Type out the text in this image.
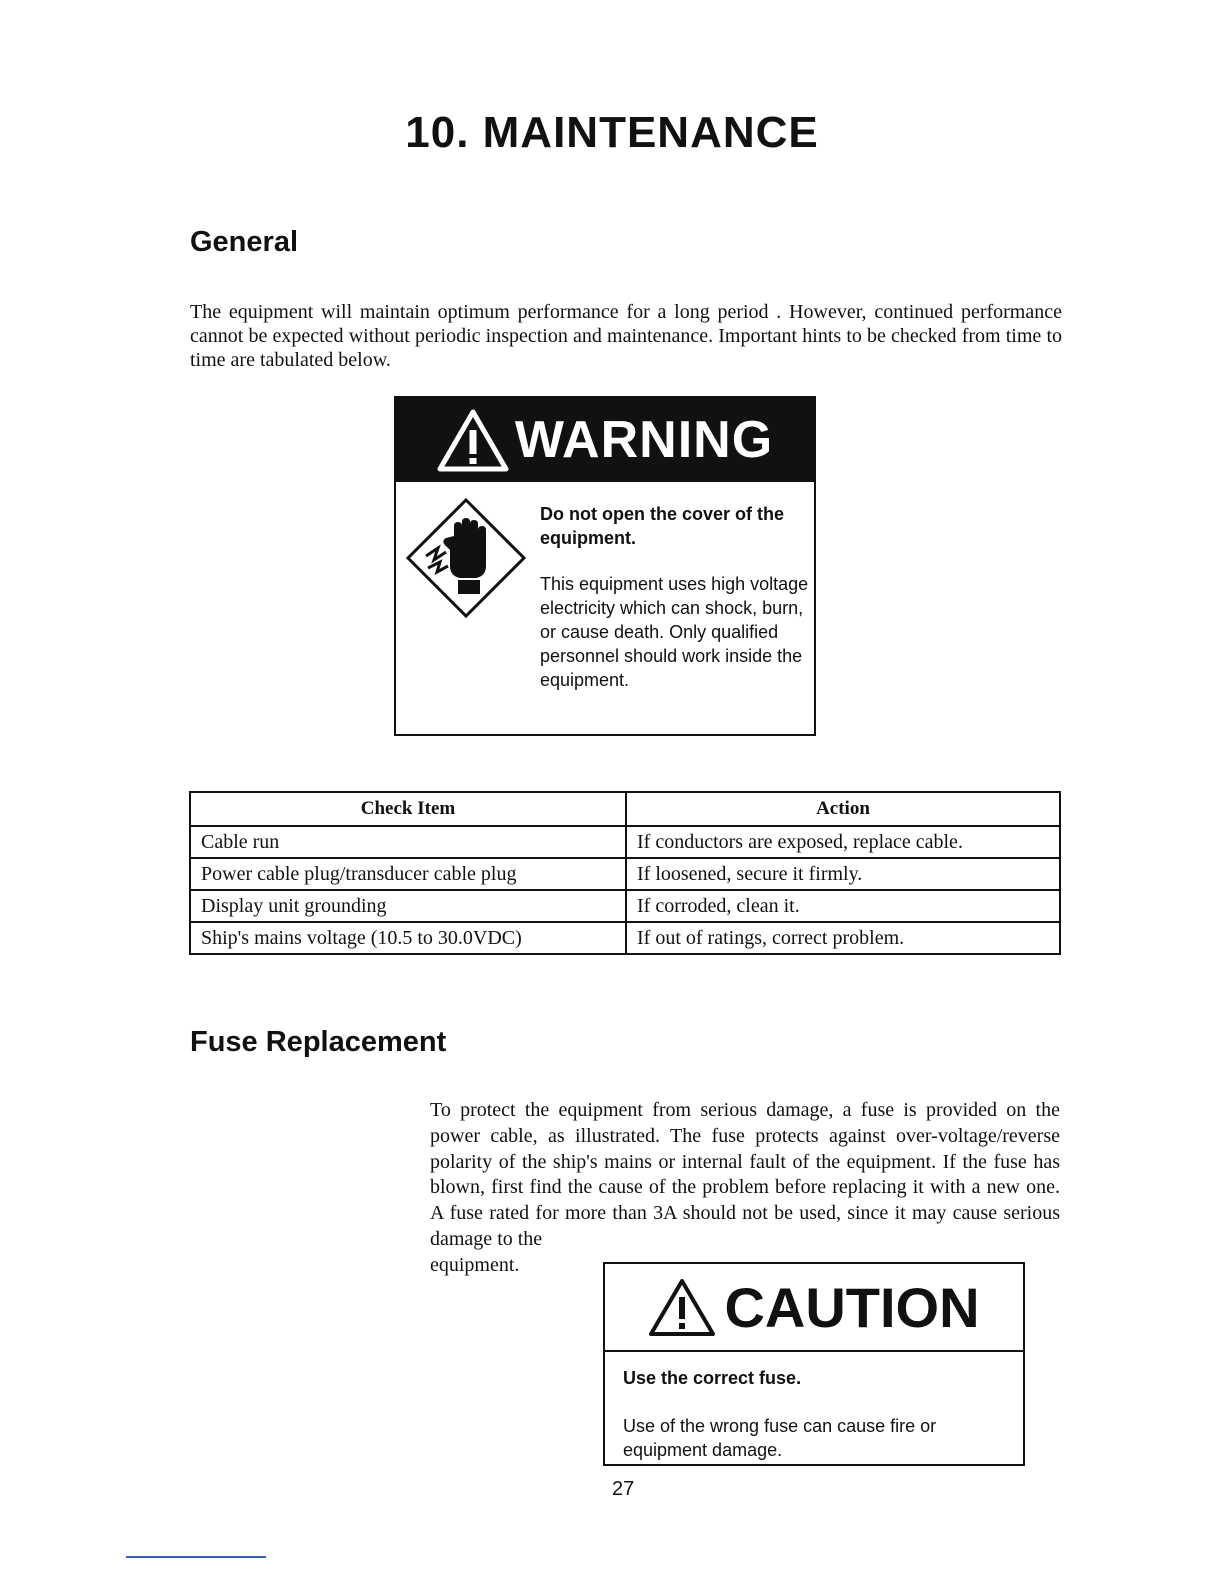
10. MAINTENANCE
General

The equipment will maintain optimum performance for a long period . However, continued performance cannot be expected without periodic inspection and maintenance. Important hints to be checked from time to time are tabulated below.

WARNING

Do not open the cover of the equipment.

This equipment uses high voltage electricity which can shock, burn, or cause death. Only qualified personnel should work inside the equipment.

Check Item	Action
Cable run	If conductors are exposed, replace cable.
Power cable plug/transducer cable plug	If loosened, secure it firmly.
Display unit grounding	If corroded, clean it.
Ship's mains voltage (10.5 to 30.0VDC)	If out of ratings, correct problem.
Fuse Replacement

To protect the equipment from serious damage, a fuse is provided on the power cable, as illustrated. The fuse protects against over-voltage/reverse polarity of the ship's mains or internal fault of the equipment. If the fuse has blown, first find the cause of the problem before replacing it with a new one. A fuse rated for more than 3A should not be used, since it may cause serious damage to the

equipment.

CAUTION

Use the correct fuse.

Use of the wrong fuse can cause fire or equipment damage.

27
